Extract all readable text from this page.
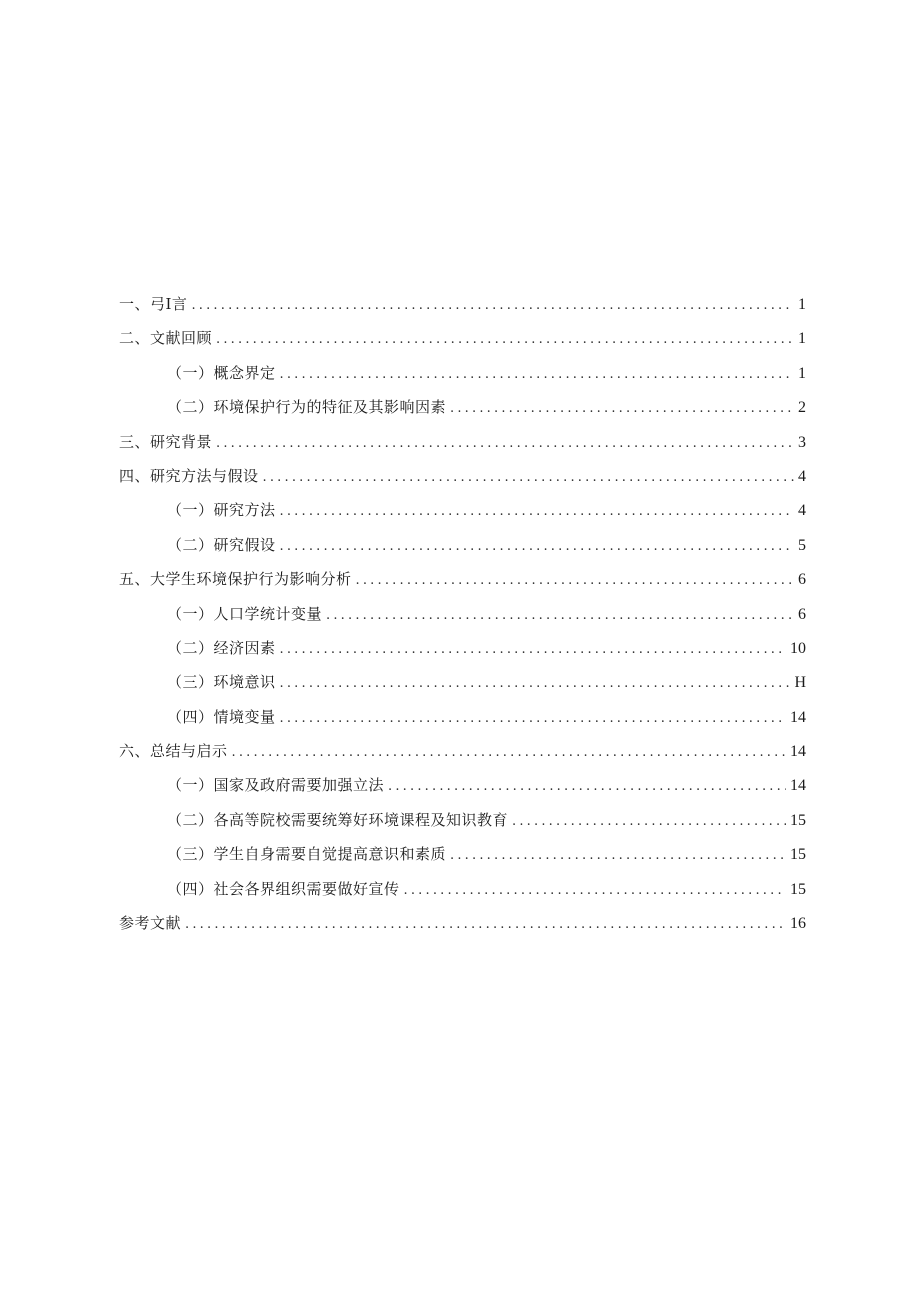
一、弓I言 .....	1
二、文献回顾 .....	1
（一）概念界定 .....	1
（二）环境保护行为的特征及其影响因素 .....	2
三、研究背景 .....	3
四、研究方法与假设 .....	4
（一）研究方法 .....	4
（二）研究假设 .....	5
五、大学生环境保护行为影响分析 .....	6
（一）人口学统计变量 .....	6
（二）经济因素 .....	10
（三）环境意识 .....	H
（四）情境变量 .....	14
六、总结与启示 .....	14
（一）国家及政府需要加强立法 .....	14
（二）各高等院校需要统筹好环境课程及知识教育 .....	15
（三）学生自身需要自觉提高意识和素质 .....	15
（四）社会各界组织需要做好宣传 .....	15
参考文献 .....	16
